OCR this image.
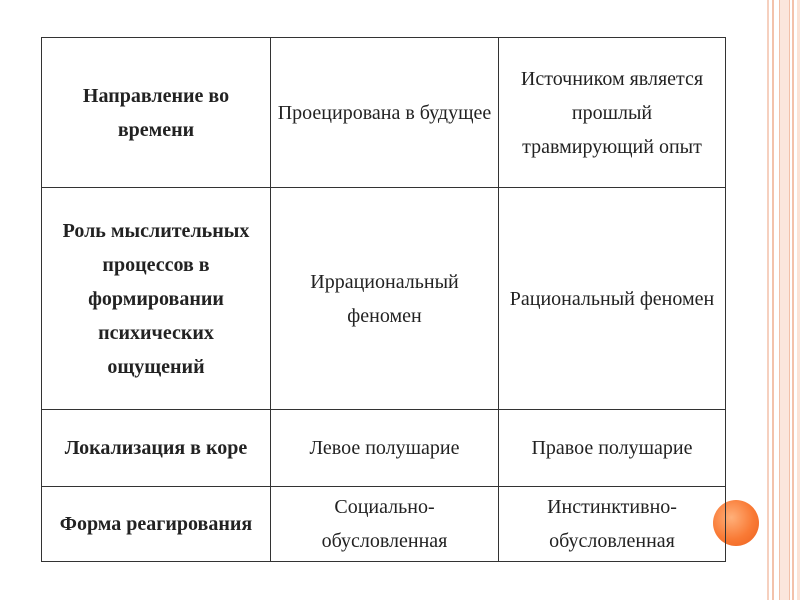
Направление во времени	Проецирована в будущее	Источником является прошлый травмирующий опыт
Роль мыслительных процессов в формировании психических ощущений	Иррациональный феномен	Рациональный феномен
Локализация в коре	Левое полушарие	Правое полушарие
Форма реагирования	Социально-обусловленная	Инстинктивно-обусловленная
